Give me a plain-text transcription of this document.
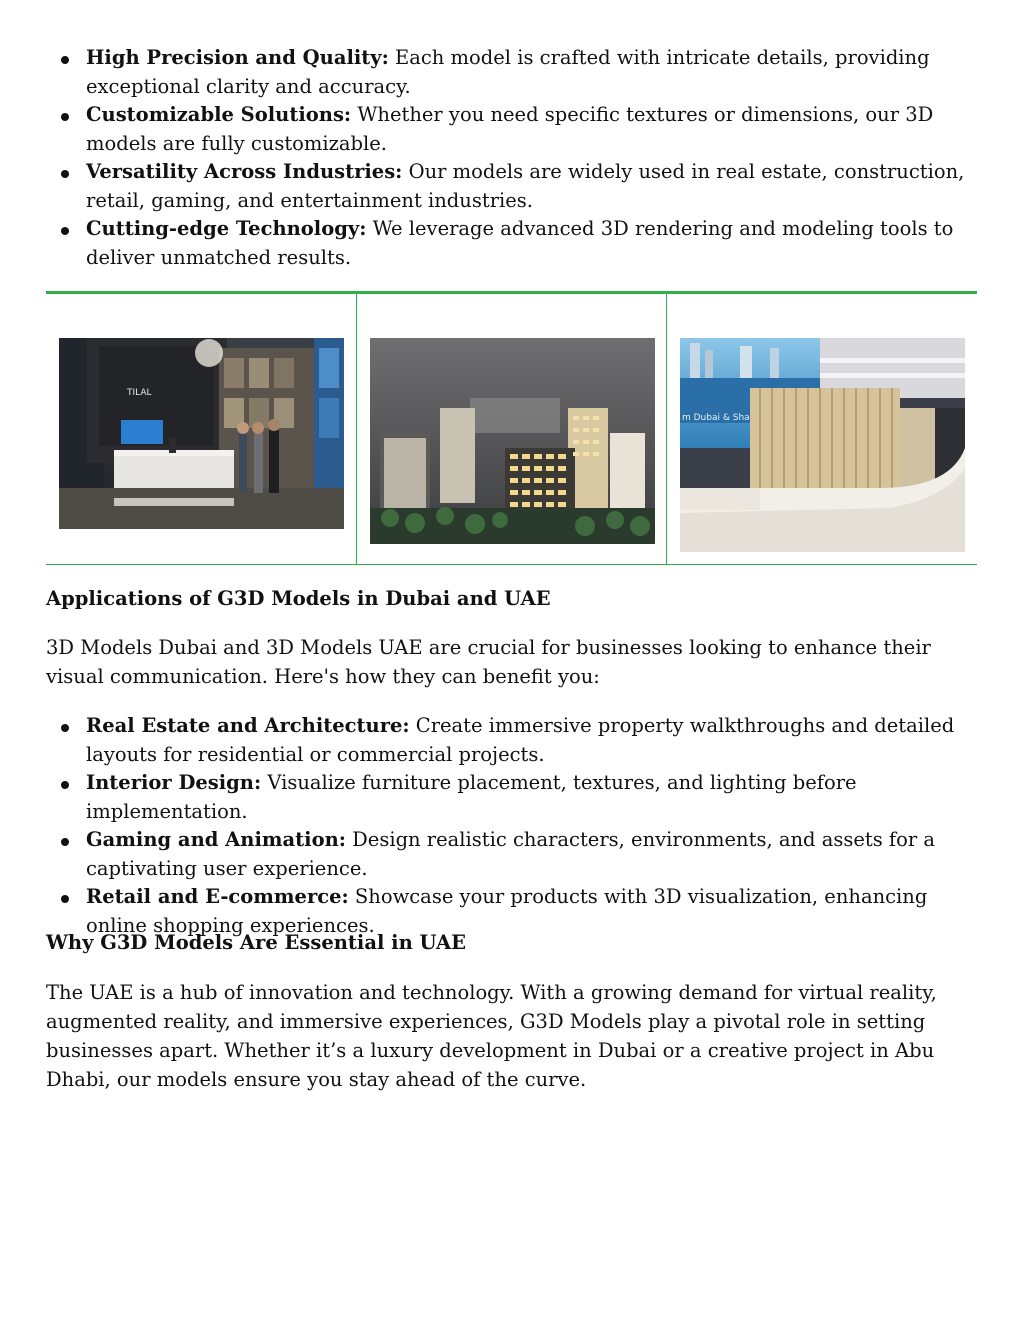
High Precision and Quality: Each model is crafted with intricate details, providing exceptional clarity and accuracy.
Customizable Solutions: Whether you need specific textures or dimensions, our 3D models are fully customizable.
Versatility Across Industries: Our models are widely used in real estate, construction, retail, gaming, and entertainment industries.
Cutting-edge Technology: We leverage advanced 3D rendering and modeling tools to deliver unmatched results.
TILAL
m Dubai & Sha
Applications of G3D Models in Dubai and UAE

3D Models Dubai and 3D Models UAE are crucial for businesses looking to enhance their visual communication. Here's how they can benefit you:

Real Estate and Architecture: Create immersive property walkthroughs and detailed layouts for residential or commercial projects.
Interior Design: Visualize furniture placement, textures, and lighting before implementation.
Gaming and Animation: Design realistic characters, environments, and assets for a captivating user experience.
Retail and E-commerce: Showcase your products with 3D visualization, enhancing online shopping experiences.
Why G3D Models Are Essential in UAE

The UAE is a hub of innovation and technology. With a growing demand for virtual reality, augmented reality, and immersive experiences, G3D Models play a pivotal role in setting businesses apart. Whether it’s a luxury development in Dubai or a creative project in Abu Dhabi, our models ensure you stay ahead of the curve.
